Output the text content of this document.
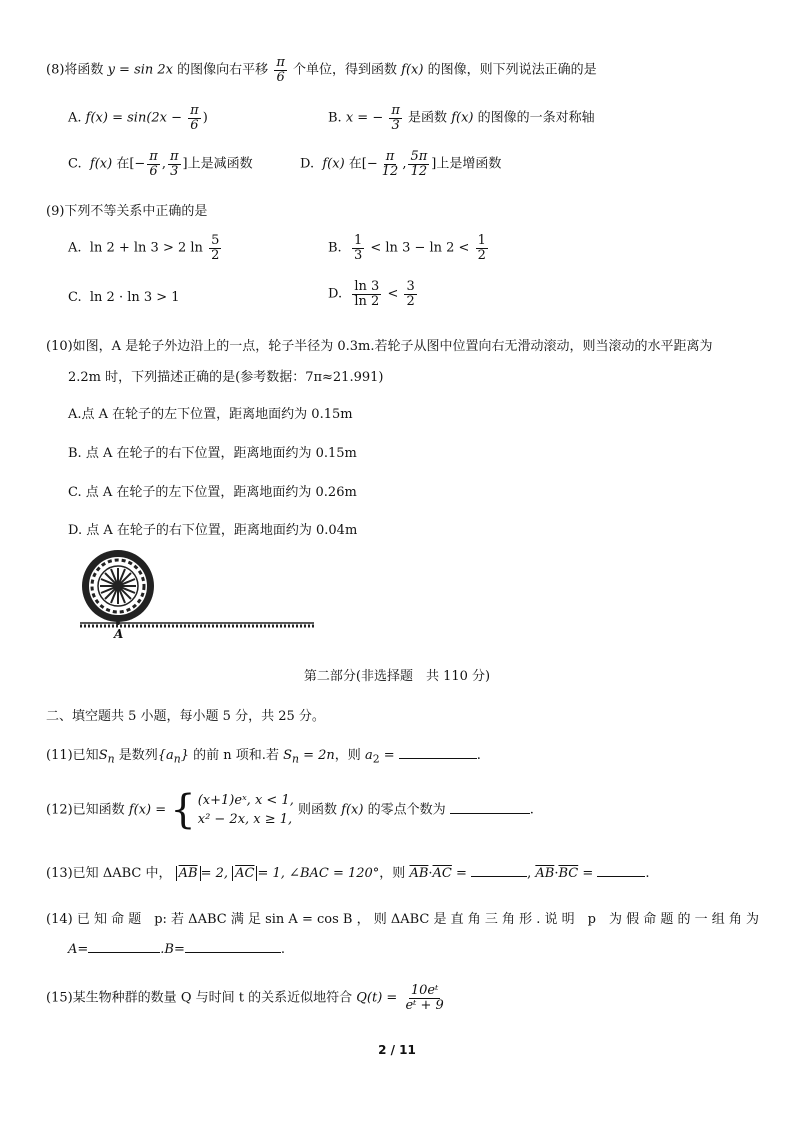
(8)将函数 y = sin 2x 的图像向右平移 $\frac{\pi}{6}$ 个单位，得到函数 f(x) 的图像，则下列说法正确的是
A. $f(x) = \sin(2x - \frac{\pi}{6}$ )	B. x = − $\frac{\pi}{3}$ 是函数 f(x) 的图像的一条对称轴
C. f(x) 在[− $\frac{\pi}{6}$ , $\frac{\pi}{3}$ ]上是减函数	D. f(x) 在[− $\frac{\pi}{12}$ , $\frac{5\pi}{12}$ ]上是增函数
(9)下列不等关系中正确的是
A. ln 2 + ln 3 > 2 $\ln \frac{5}{2}$	B. $\frac{1}{3} < \ln 3 - \ln 2 < \frac{1}{2}$
C. ln 2 · ln 3 > 1	D. $\frac{\ln 3}{\ln 2} < \frac{3}{2}$
(10)如图，A 是轮子外边沿上的一点，轮子半径为 0.3m.若轮子从图中位置向右无滑动滚动，则当滚动的水平距离为
2.2m 时，下列描述正确的是(参考数据：7π≈21.991)
A.点 A 在轮子的左下位置，距离地面约为 0.15m
B. 点 A 在轮子的右下位置，距离地面约为 0.15m
C. 点 A 在轮子的左下位置，距离地面约为 0.26m
D. 点 A 在轮子的右下位置，距离地面约为 0.04m
A
第二部分(非选择题　共 110 分)
二、填空题共 5 小题，每小题 5 分，共 25 分。
(11)已知$S_n$ 是数列$\{a_n\}$ 的前 n 项和.若 $S_n = 2n$，则 $a_2$ =	.
(12)已知函数 f(x) = { (x+1)eˣ, x < 1,
x² − 2x, x ≥ 1,
则函数 f(x) 的零点个数为	.
(13)已知 ΔABC 中， $\overline{AB} = 2$, $\overline{AC} = 1$, ∠BAC = 120°，则 $\overline{AB}\cdot\overline{AC}$ =	, $\overline{AB}\cdot\overline{BC}$ =	.
(14) 已 知 命 题　p: 若 ΔABC 满 足 sin A = cos B ， 则 ΔABC 是 直 角 三 角 形 . 说 明　p　为 假 命 题 的 一 组 角 为
A=	.B=	.
(15)某生物种群的数量 Q 与时间 t 的关系近似地符合 $Q(t) = \frac{\text{10eᵗ}}{\text{eᵗ + 9}}$
2 / 11
